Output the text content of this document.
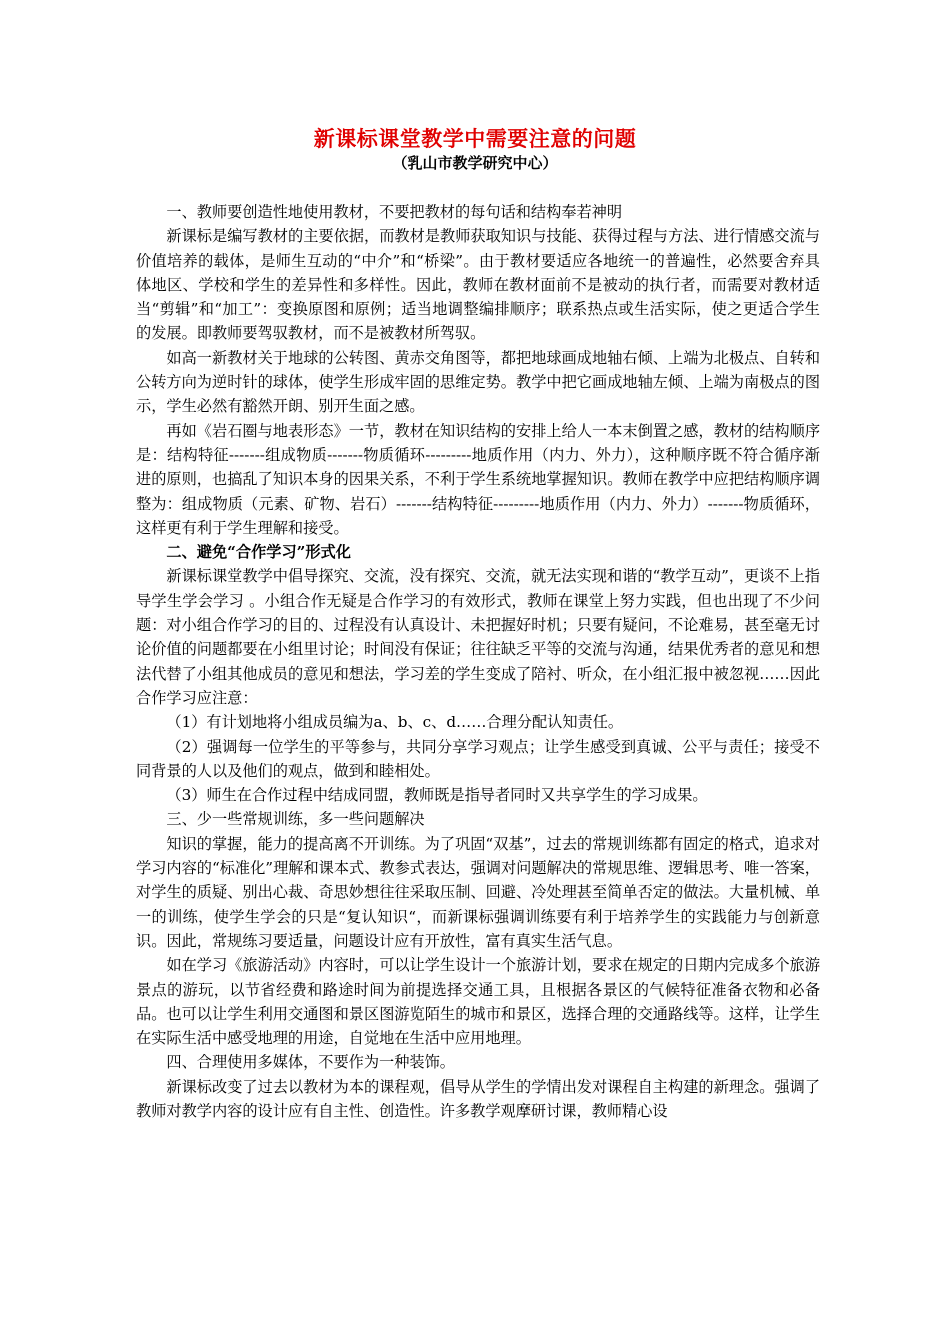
新课标课堂教学中需要注意的问题
（乳山市教学研究中心）

一、教师要创造性地使用教材，不要把教材的每句话和结构奉若神明

新课标是编写教材的主要依据，而教材是教师获取知识与技能、获得过程与方法、进行情感交流与价值培养的载体，是师生互动的“中介”和“桥梁”。由于教材要适应各地统一的普遍性，必然要舍弃具体地区、学校和学生的差异性和多样性。因此，教师在教材面前不是被动的执行者，而需要对教材适当“剪辑”和“加工”：变换原图和原例；适当地调整编排顺序；联系热点或生活实际，使之更适合学生的发展。即教师要驾驭教材，而不是被教材所驾驭。

如高一新教材关于地球的公转图、黄赤交角图等，都把地球画成地轴右倾、上端为北极点、自转和公转方向为逆时针的球体，使学生形成牢固的思维定势。教学中把它画成地轴左倾、上端为南极点的图示，学生必然有豁然开朗、别开生面之感。

再如《岩石圈与地表形态》一节，教材在知识结构的安排上给人一本末倒置之感，教材的结构顺序是：结构特征-------组成物质-------物质循环---------地质作用（内力、外力），这种顺序既不符合循序渐进的原则，也搞乱了知识本身的因果关系，不利于学生系统地掌握知识。教师在教学中应把结构顺序调整为：组成物质（元素、矿物、岩石）-------结构特征---------地质作用（内力、外力）-------物质循环，这样更有利于学生理解和接受。

二、避免“合作学习”形式化

新课标课堂教学中倡导探究、交流，没有探究、交流，就无法实现和谐的“教学互动”，更谈不上指导学生学会学习 。小组合作无疑是合作学习的有效形式，教师在课堂上努力实践，但也出现了不少问题：对小组合作学习的目的、过程没有认真设计、未把握好时机；只要有疑问，不论难易，甚至毫无讨论价值的问题都要在小组里讨论；时间没有保证；往往缺乏平等的交流与沟通，结果优秀者的意见和想法代替了小组其他成员的意见和想法，学习差的学生变成了陪衬、听众，在小组汇报中被忽视……因此合作学习应注意：

（1）有计划地将小组成员编为a、b、c、d……合理分配认知责任。

（2）强调每一位学生的平等参与，共同分享学习观点；让学生感受到真诚、公平与责任；接受不同背景的人以及他们的观点，做到和睦相处。

（3）师生在合作过程中结成同盟，教师既是指导者同时又共享学生的学习成果。

三、少一些常规训练，多一些问题解决

知识的掌握，能力的提高离不开训练。为了巩固“双基”，过去的常规训练都有固定的格式，追求对学习内容的“标准化”理解和课本式、教参式表达，强调对问题解决的常规思维、逻辑思考、唯一答案，对学生的质疑、别出心裁、奇思妙想往往采取压制、回避、冷处理甚至简单否定的做法。大量机械、单一的训练，使学生学会的只是“复认知识“，而新课标强调训练要有利于培养学生的实践能力与创新意识。因此，常规练习要适量，问题设计应有开放性，富有真实生活气息。

如在学习《旅游活动》内容时，可以让学生设计一个旅游计划，要求在规定的日期内完成多个旅游景点的游玩，以节省经费和路途时间为前提选择交通工具，且根据各景区的气候特征准备衣物和必备品。也可以让学生利用交通图和景区图游览陌生的城市和景区，选择合理的交通路线等。这样，让学生在实际生活中感受地理的用途，自觉地在生活中应用地理。

四、合理使用多媒体，不要作为一种装饰。

新课标改变了过去以教材为本的课程观，倡导从学生的学情出发对课程自主构建的新理念。强调了教师对教学内容的设计应有自主性、创造性。许多教学观摩研讨课，教师精心设
